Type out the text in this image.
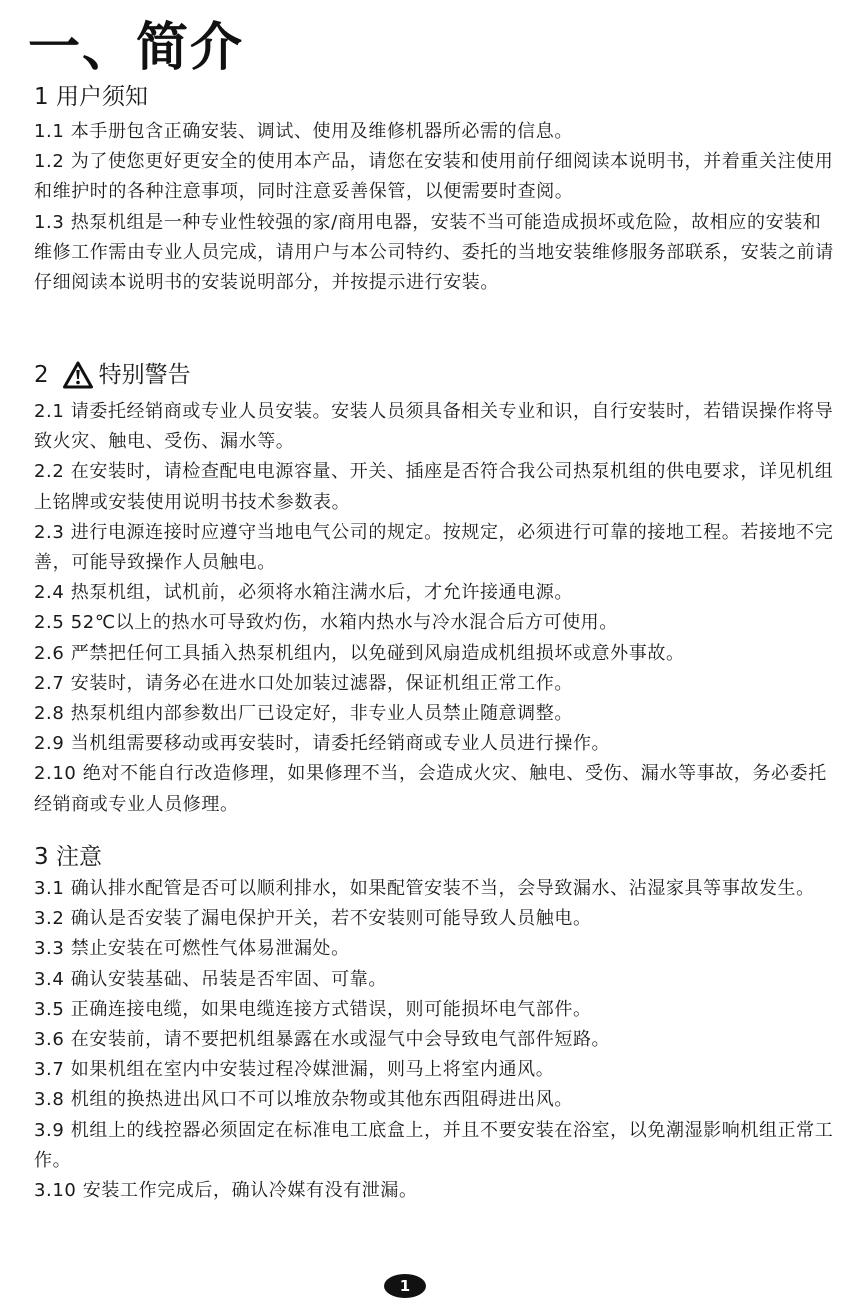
一、简介
1 用户须知

1.1 本手册包含正确安装、调试、使用及维修机器所必需的信息。

1.2 为了使您更好更安全的使用本产品，请您在安装和使用前仔细阅读本说明书，并着重关注使用和维护时的各种注意事项，同时注意妥善保管，以便需要时查阅。

1.3 热泵机组是一种专业性较强的家/商用电器，安装不当可能造成损坏或危险，故相应的安装和维修工作需由专业人员完成，请用户与本公司特约、委托的当地安装维修服务部联系，安装之前请仔细阅读本说明书的安装说明部分，并按提示进行安装。

2 特别警告

2.1 请委托经销商或专业人员安装。安装人员须具备相关专业和识，自行安装时，若错误操作将导致火灾、触电、受伤、漏水等。

2.2 在安装时，请检查配电电源容量、开关、插座是否符合我公司热泵机组的供电要求，详见机组上铭牌或安装使用说明书技术参数表。

2.3 进行电源连接时应遵守当地电气公司的规定。按规定，必须进行可靠的接地工程。若接地不完善，可能导致操作人员触电。

2.4 热泵机组，试机前，必须将水箱注满水后，才允许接通电源。

2.5 52℃以上的热水可导致灼伤，水箱内热水与冷水混合后方可使用。

2.6 严禁把任何工具插入热泵机组内，以免碰到风扇造成机组损坏或意外事故。

2.7 安装时，请务必在进水口处加装过滤器，保证机组正常工作。

2.8 热泵机组内部参数出厂已设定好，非专业人员禁止随意调整。

2.9 当机组需要移动或再安装时，请委托经销商或专业人员进行操作。

2.10 绝对不能自行改造修理，如果修理不当，会造成火灾、触电、受伤、漏水等事故，务必委托经销商或专业人员修理。

3 注意

3.1 确认排水配管是否可以顺利排水，如果配管安装不当，会导致漏水、沾湿家具等事故发生。

3.2 确认是否安装了漏电保护开关，若不安装则可能导致人员触电。

3.3 禁止安装在可燃性气体易泄漏处。

3.4 确认安装基础、吊装是否牢固、可靠。

3.5 正确连接电缆，如果电缆连接方式错误，则可能损坏电气部件。

3.6 在安装前，请不要把机组暴露在水或湿气中会导致电气部件短路。

3.7 如果机组在室内中安装过程冷媒泄漏，则马上将室内通风。

3.8 机组的换热进出风口不可以堆放杂物或其他东西阻碍进出风。

3.9 机组上的线控器必须固定在标准电工底盒上，并且不要安装在浴室，以免潮湿影响机组正常工作。

3.10 安装工作完成后，确认冷媒有没有泄漏。

1
